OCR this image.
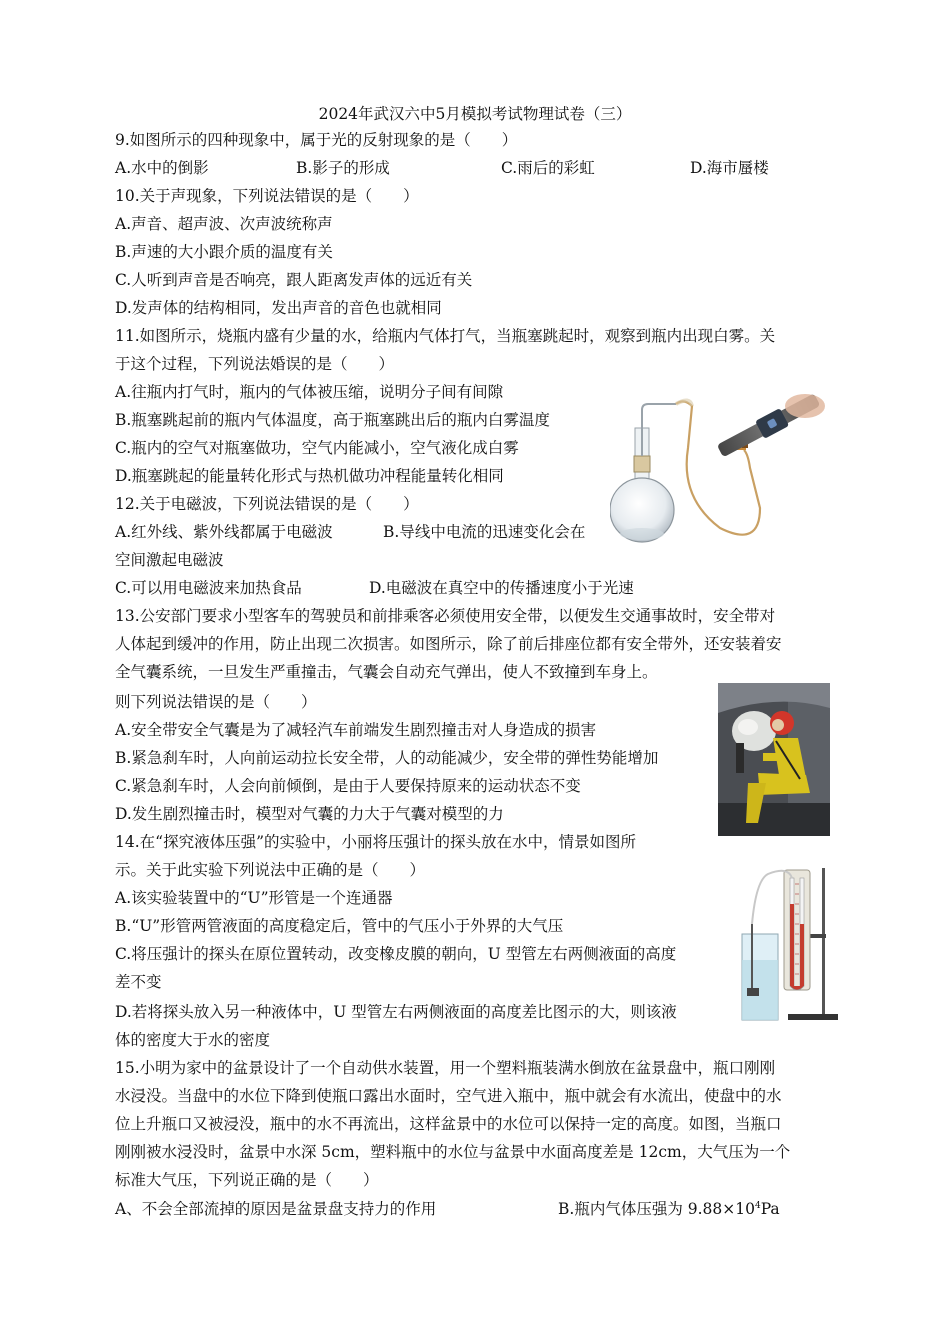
2024年武汉六中5月模拟考试物理试卷（三）
9.如图所示的四种现象中，属于光的反射现象的是（　　）
A.水中的倒影	B.影子的形成	C.雨后的彩虹	D.海市蜃楼
10.关于声现象，下列说法错误的是（　　）
A.声音、超声波、次声波统称声
B.声速的大小跟介质的温度有关
C.人听到声音是否响亮，跟人距离发声体的远近有关
D.发声体的结构相同，发出声音的音色也就相同
11.如图所示，烧瓶内盛有少量的水，给瓶内气体打气，当瓶塞跳起时，观察到瓶内出现白雾。关
于这个过程，下列说法婚误的是（　　）
A.往瓶内打气时，瓶内的气体被压缩，说明分子间有间隙
B.瓶塞跳起前的瓶内气体温度，高于瓶塞跳出后的瓶内白雾温度
C.瓶内的空气对瓶塞做功，空气内能减小，空气液化成白雾
D.瓶塞跳起的能量转化形式与热机做功冲程能量转化相同
12.关于电磁波，下列说法错误的是（　　）
A.红外线、紫外线都属于电磁波	B.导线中电流的迅速变化会在
空间激起电磁波
C.可以用电磁波来加热食品	D.电磁波在真空中的传播速度小于光速
13.公安部门要求小型客车的驾驶员和前排乘客必须使用安全带，以便发生交通事故时，安全带对
人体起到缓冲的作用，防止出现二次损害。如图所示，除了前后排座位都有安全带外，还安装着安
全气囊系统，一旦发生严重撞击，气囊会自动充气弹出，使人不致撞到车身上。
则下列说法错误的是（　　）
A.安全带安全气囊是为了减轻汽车前端发生剧烈撞击对人身造成的损害
B.紧急刹车时，人向前运动拉长安全带，人的动能减少，安全带的弹性势能增加
C.紧急刹车时，人会向前倾倒，是由于人要保持原来的运动状态不变
D.发生剧烈撞击时，模型对气囊的力大于气囊对模型的力
14.在“探究液体压强”的实验中，小丽将压强计的探头放在水中，情景如图所
示。关于此实验下列说法中正确的是（　　）
A.该实验装置中的“U”形管是一个连通器
B.“U”形管两管液面的高度稳定后，管中的气压小于外界的大气压
C.将压强计的探头在原位置转动，改变橡皮膜的朝向，U 型管左右两侧液面的高度
差不变
D.若将探头放入另一种液体中，U 型管左右两侧液面的高度差比图示的大，则该液
体的密度大于水的密度
15.小明为家中的盆景设计了一个自动供水装置，用一个塑料瓶装满水倒放在盆景盘中，瓶口刚刚
水浸没。当盘中的水位下降到使瓶口露出水面时，空气进入瓶中，瓶中就会有水流出，使盘中的水
位上升瓶口又被浸没，瓶中的水不再流出，这样盆景中的水位可以保持一定的高度。如图，当瓶口
刚刚被水浸没时，盆景中水深 5cm，塑料瓶中的水位与盆景中水面高度差是 12cm，大气压为一个
标准大气压，下列说正确的是（　　）
A、不会全部流掉的原因是盆景盘支持力的作用	B.瓶内气体压强为 $9.88\times 10^4Pa$
